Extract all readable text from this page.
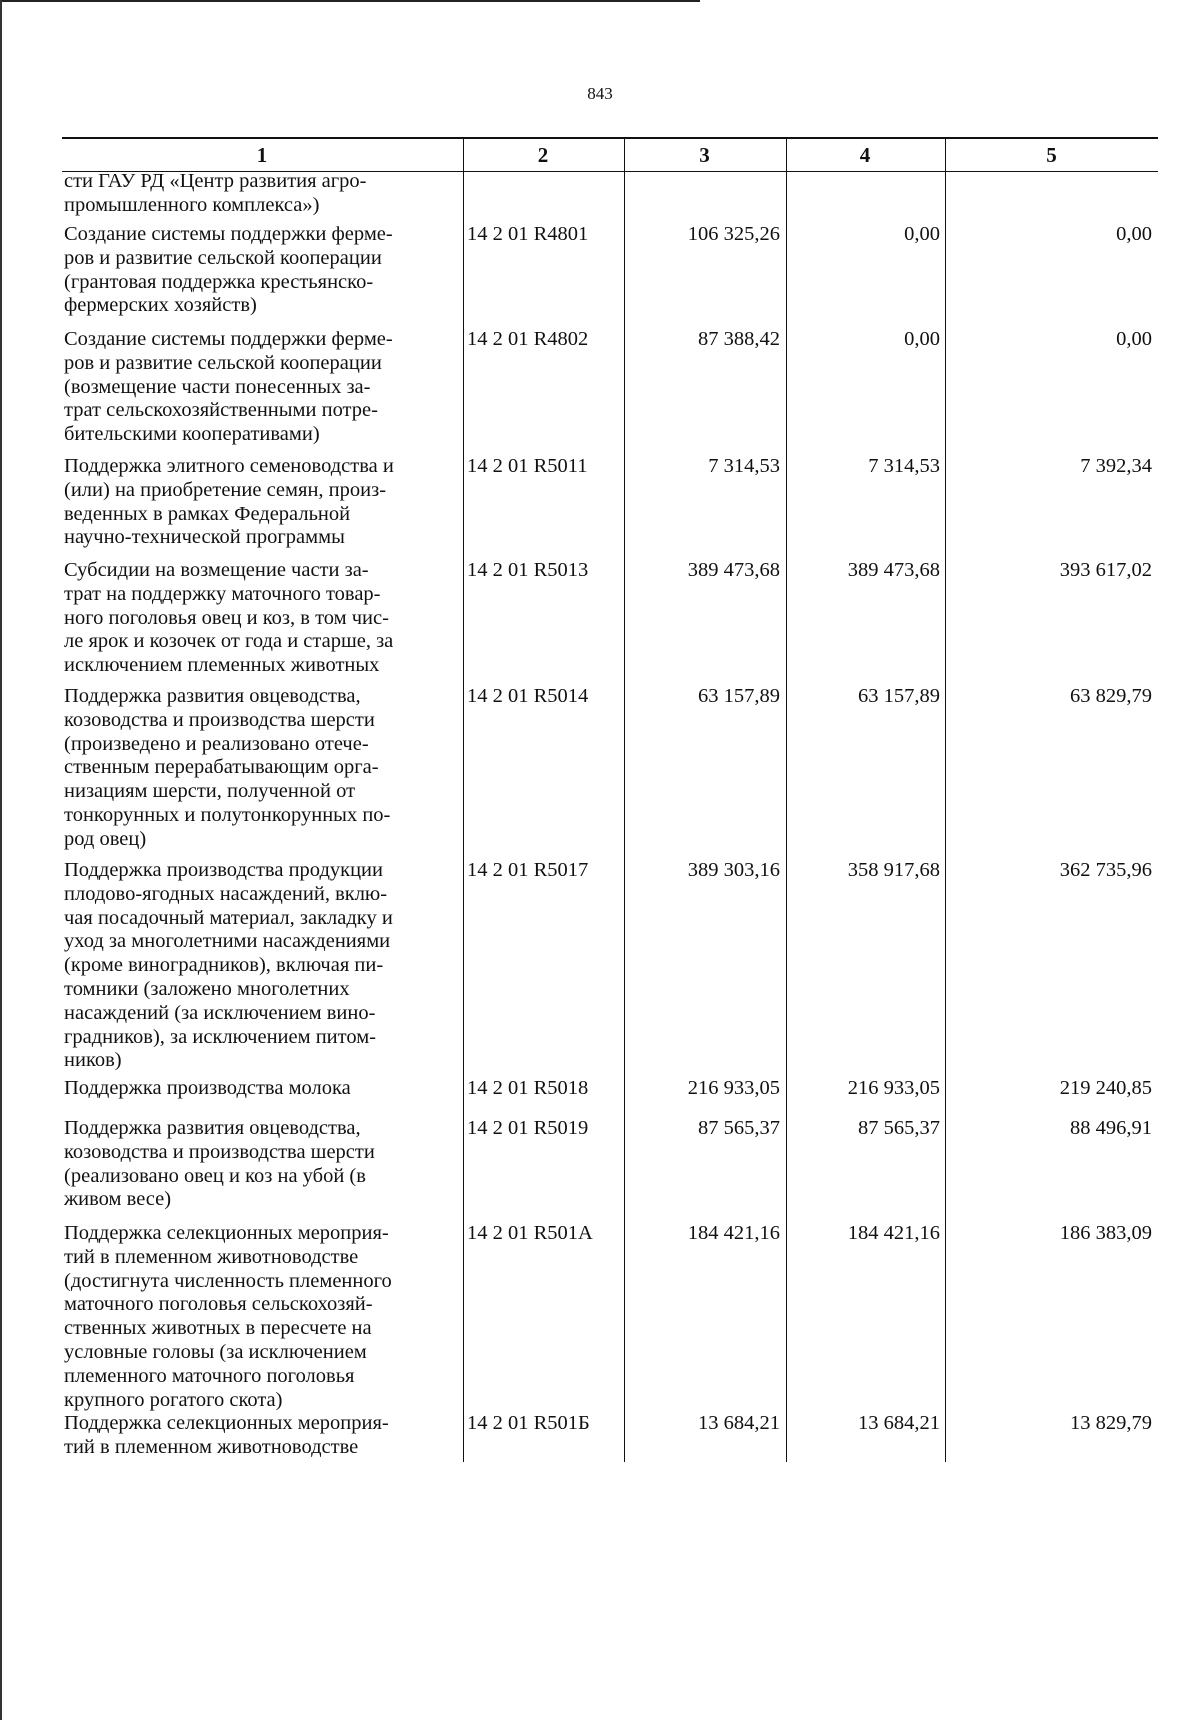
843
1	2	3	4	5
сти ГАУ РД «Центр развития агро-
промышленного комплекса»)
Создание системы поддержки ферме-
ров и развитие сельской кооперации
(грантовая поддержка крестьянско-
фермерских хозяйств)
14 2 01 R4801	106 325,26	0,00	0,00
Создание системы поддержки ферме-
ров и развитие сельской кооперации
(возмещение части понесенных за-
трат сельскохозяйственными потре-
бительскими кооперативами)
14 2 01 R4802	87 388,42	0,00	0,00
Поддержка элитного семеноводства и
(или) на приобретение семян, произ-
веденных в рамках Федеральной
научно-технической программы
14 2 01 R5011	7 314,53	7 314,53	7 392,34
Субсидии на возмещение части за-
трат на поддержку маточного товар-
ного поголовья овец и коз, в том чис-
ле ярок и козочек от года и старше, за
исключением племенных животных
14 2 01 R5013	389 473,68	389 473,68	393 617,02
Поддержка развития овцеводства,
козоводства и производства шерсти
(произведено и реализовано отече-
ственным перерабатывающим орга-
низациям шерсти, полученной от
тонкорунных и полутонкорунных по-
род овец)
14 2 01 R5014	63 157,89	63 157,89	63 829,79
Поддержка производства продукции
плодово-ягодных насаждений, вклю-
чая посадочный материал, закладку и
уход за многолетними насаждениями
(кроме виноградников), включая пи-
томники (заложено многолетних
насаждений (за исключением вино-
градников), за исключением питом-
ников)
14 2 01 R5017	389 303,16	358 917,68	362 735,96
Поддержка производства молока	14 2 01 R5018	216 933,05	216 933,05	219 240,85
Поддержка развития овцеводства,
козоводства и производства шерсти
(реализовано овец и коз на убой (в
живом весе)
14 2 01 R5019	87 565,37	87 565,37	88 496,91
Поддержка селекционных мероприя-
тий в племенном животноводстве
(достигнута численность племенного
маточного поголовья сельскохозяй-
ственных животных в пересчете на
условные головы (за исключением
племенного маточного поголовья
крупного рогатого скота)
14 2 01 R501А	184 421,16	184 421,16	186 383,09
Поддержка селекционных мероприя-
тий в племенном животноводстве
14 2 01 R501Б	13 684,21	13 684,21	13 829,79
